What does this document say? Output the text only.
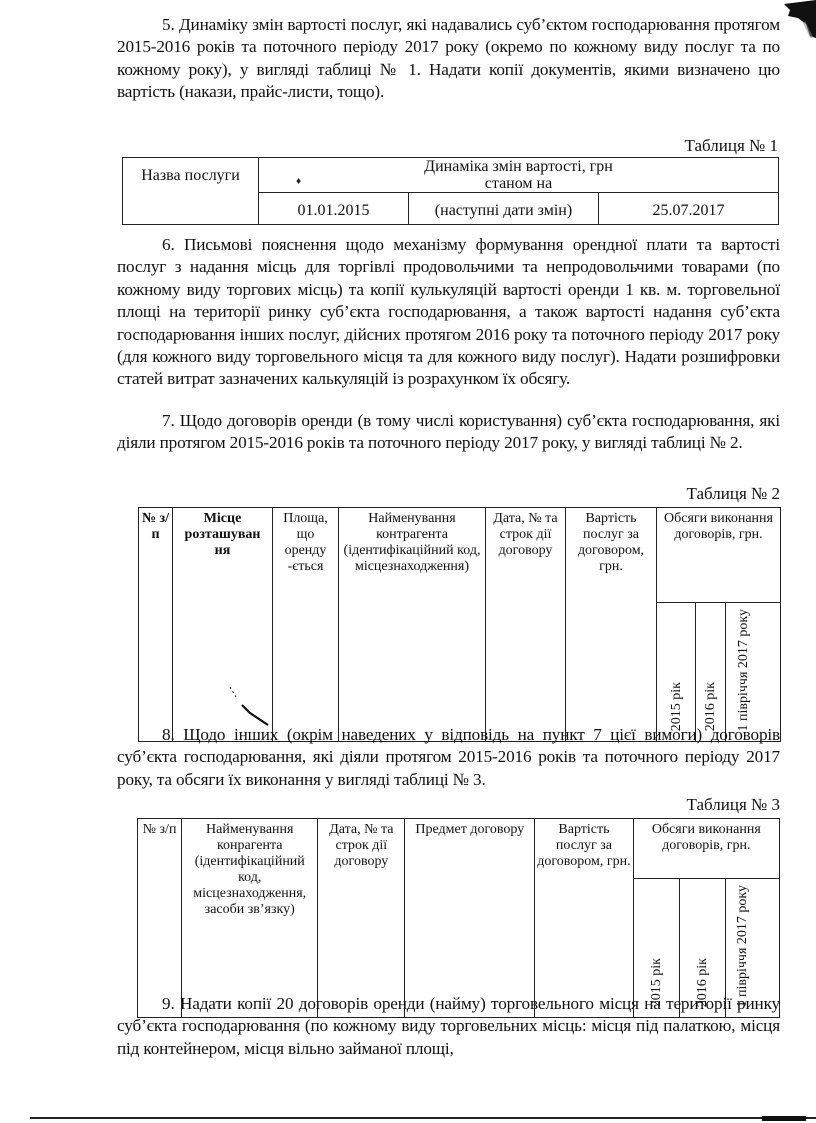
5. Динаміку змін вартості послуг, які надавались суб’єктом господарювання протягом 2015-2016 років та поточного періоду 2017 року (окремо по кожному виду послуг та по кожному року), у вигляді таблиці № 1. Надати копії документів, якими визначено цю вартість (накази, прайс-листи, тощо).
Таблиця № 1
Назва послуги	Динаміка змін вартості, грн
станом на		

	01.01.2015	(наступні дати змін)	25.07.2017
♦
6. Письмові пояснення щодо механізму формування орендної плати та вартості послуг з надання місць для торгівлі продовольчими та непродовольчими товарами (по кожному виду торгових місць) та копії кулькуляцій вартості оренди 1 кв. м. торговельної площі на території ринку суб’єкта господарювання, а також вартості надання суб’єкта господарювання інших послуг, дійсних протягом 2016 року та поточного періоду 2017 року (для кожного виду торговельного місця та для кожного виду послуг). Надати розшифровки статей витрат зазначених калькуляцій із розрахунком їх обсягу.
7. Щодо договорів оренди (в тому числі користування) суб’єкта господарювання, які діяли протягом 2015-2016 років та поточного періоду 2017 року, у вигляді таблиці № 2.
Таблиця № 2
№ з/п	Місце розташуван ня	Площа, що оренду -ється	Найменування контрагента (ідентифікаційний код, місцезнаходження)	Дата, № та строк дії договору	Вартість послуг за договором, грн.	Обсяги виконання договорів, грн.		
						2015 рік	2016 рік	1 півріччя 2017 року
8. Щодо інших (окрім наведених у відповідь на пункт 7 цієї вимоги) договорів суб’єкта господарювання, які діяли протягом 2015-2016 років та поточного періоду 2017 року, та обсяги їх виконання у вигляді таблиці № 3.
Таблиця № 3
№ з/п	Найменування конрагента (ідентифікаційний код, місцезнаходження, засоби зв’язку)	Дата, № та строк дії договору	Предмет договору	Вартість послуг за договором, грн.	Обсяги виконання договорів, грн.		
					2015 рік	2016 рік	1 півріччя 2017 року
9. Надати копії 20 договорів оренди (найму) торговельного місця на території ринку суб’єкта господарювання (по кожному виду торговельних місць: місця під палаткою, місця під контейнером, місця вільно займаної площі,
